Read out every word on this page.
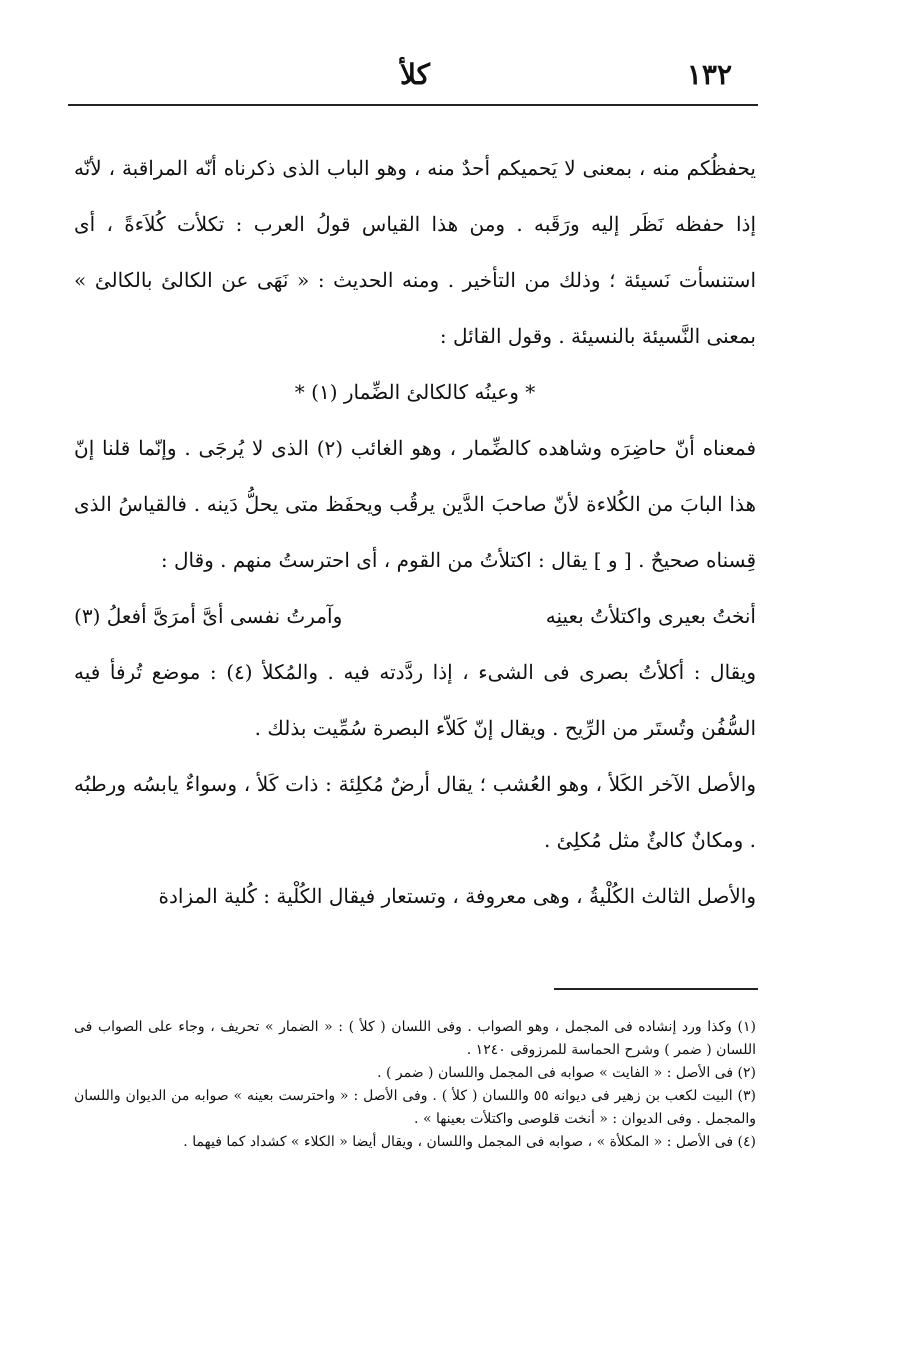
١٣٢
كلأ

يحفظُكم منه ، بمعنى لا يَحميكم أحدٌ منه ، وهو الباب الذى ذكرناه أنّه المراقبة ، لأنّه إذا حفظه نَظَر إليه ورَقَبه . ومن هذا القياس قولُ العرب : تكلأت كُلاَءةً ، أى استنسأت نَسيئة ؛ وذلك من التأخير . ومنه الحديث : « نَهَى عن الكالئ بالكالئ » بمعنى النَّسيئة بالنسيئة . وقول القائل :

* وعينُه كالكالئ الضِّمار (١) *

فمعناه أنّ حاضِرَه وشاهده كالضِّمار ، وهو الغائب (٢) الذى لا يُرجَى . وإنّما قلنا إنّ هذا البابَ من الكُلاءة لأنّ صاحبَ الدَّين يرقُب ويحفَظ متى يحلُّ دَينه . فالقياسُ الذى قِسناه صحيحٌ . [ و ] يقال : اكتلأتُ من القوم ، أى احترستُ منهم . وقال :

أنختُ بعيرى واكتلأتُ بعينِه
وآمرتُ نفسى أىَّ أمرَىَّ أفعلُ (٣)

ويقال : أكلأتُ بصرى فى الشىء ، إذا ردَّدته فيه . والمُكلأ (٤) : موضع تُرفأ فيه السُّفُن وتُستَر من الرِّيح . ويقال إنّ كَلاّء البصرة سُمِّيت بذلك .

والأصل الآخر الكَلأ ، وهو العُشب ؛ يقال أرضٌ مُكلِئة : ذات كَلأ ، وسواءٌ يابسُه ورطبُه . ومكانٌ كالئٌ مثل مُكلِئ .

والأصل الثالث الكُلْيةُ ، وهى معروفة ، وتستعار فيقال الكُلْية : كُلية المزادة

(١) وكذا ورد إنشاده فى المجمل ، وهو الصواب . وفى اللسان ( كلأ ) : « الضمار » تحريف ، وجاء على الصواب فى اللسان ( ضمر ) وشرح الحماسة للمرزوقى ١٢٤٠ .

(٢) فى الأصل : « الفايت » صوابه فى المجمل واللسان ( ضمر ) .

(٣) البيت لكعب بن زهير فى ديوانه ٥٥ واللسان ( كلأ ) . وفى الأصل : « واحترست بعينه » صوابه من الديوان واللسان والمجمل . وفى الديوان : « أنخت قلوصى واكتلأت بعينها » .

(٤) فى الأصل : « المكلأة » ، صوابه فى المجمل واللسان ، ويقال أيضا « الكلاء » كشداد كما فيهما .
